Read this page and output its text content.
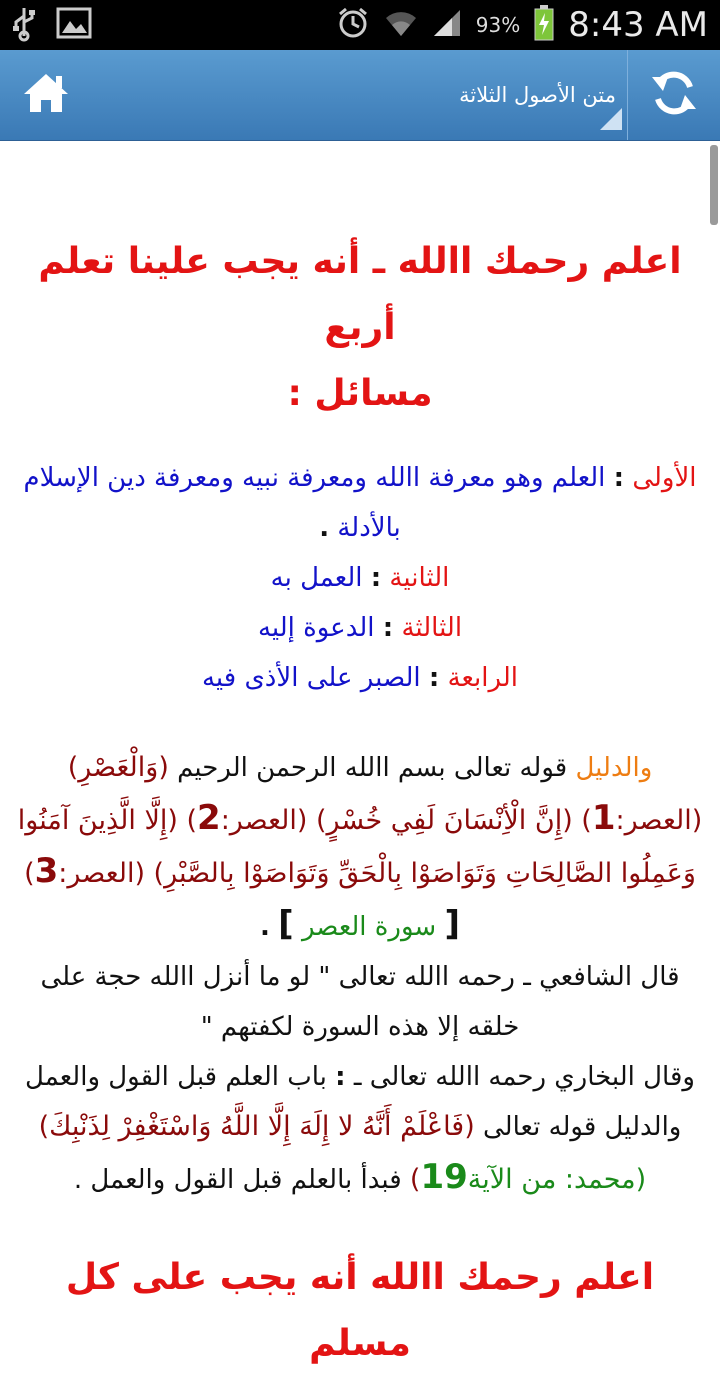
93% 8:43 AM
متن الأصول الثلاثة
اعلم رحمك االله ـ أنه يجب علينا تعلم أربع
مسائل :
الأولى : العلم وهو معرفة االله ومعرفة نبيه ومعرفة دين الإسلام بالأدلة .
الثانية : العمل به
الثالثة : الدعوة إليه
الرابعة : الصبر على الأذى فيه
والدليل قوله تعالى بسم االله الرحمن الرحيم (وَالْعَصْرِ) (العصر:1) (إِنَّ الْأِنْسَانَ لَفِي خُسْرٍ) (العصر:2) (إِلَّا الَّذِينَ آمَنُوا وَعَمِلُوا الصَّالِحَاتِ وَتَوَاصَوْا بِالْحَقِّ وَتَوَاصَوْا بِالصَّبْرِ) (العصر:3) [ سورة العصر ] .
قال الشافعي ـ رحمه االله تعالى " لو ما أنزل االله حجة على خلقه إلا هذه السورة لكفتهم "
وقال البخاري رحمه االله تعالى ـ : باب العلم قبل القول والعمل والدليل قوله تعالى (فَاعْلَمْ أَنَّهُ لا إِلَهَ إِلَّا اللَّهُ وَاسْتَغْفِرْ لِذَنْبِكَ)(محمد: من الآية19) فبدأ بالعلم قبل القول والعمل .
اعلم رحمك االله أنه يجب على كل مسلم
